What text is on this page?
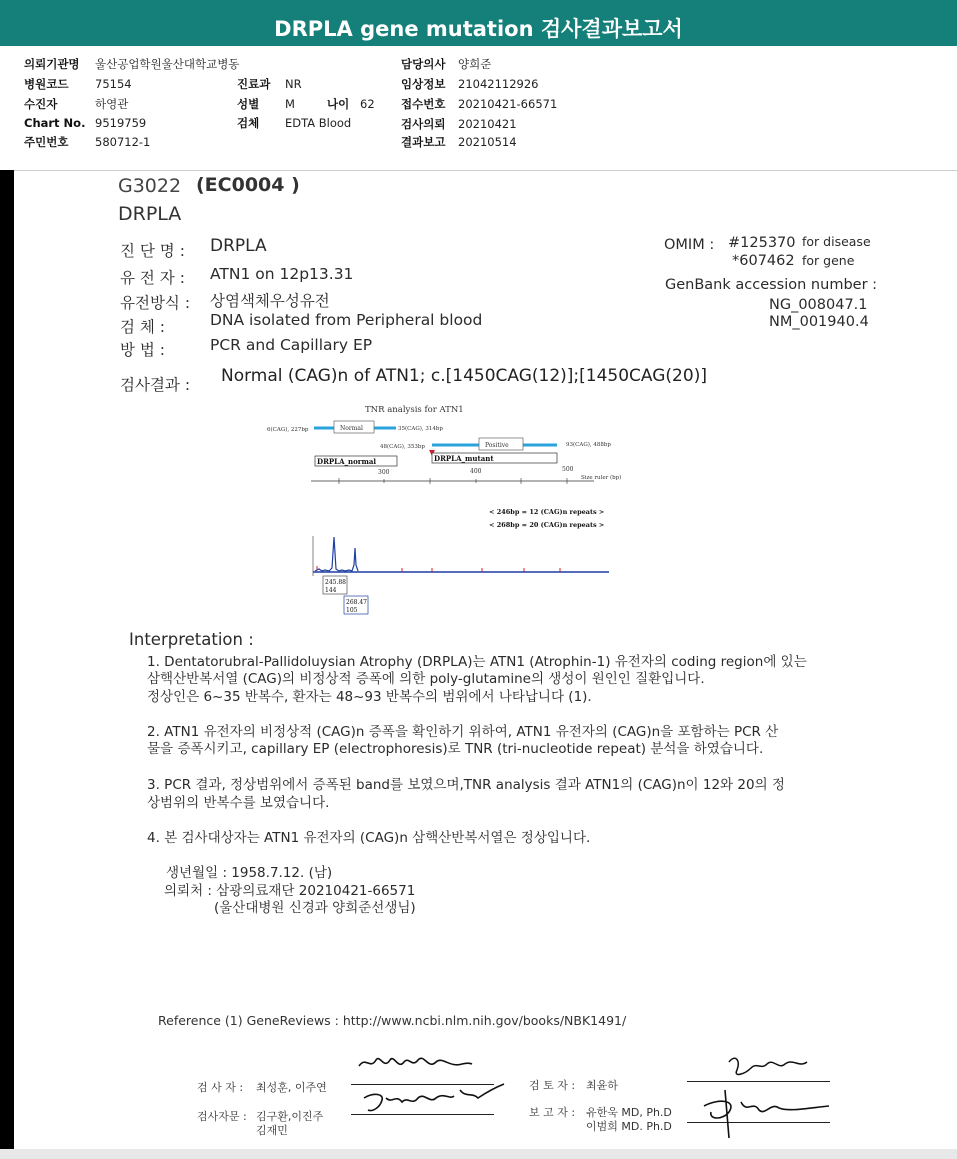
DRPLA gene mutation 검사결과보고서
의뢰기관명 울산공업학원울산대학교병동
병원코드 75154
수진자	하영관
Chart No. 9519759
주민번호 580712-1
진료과 NR
성별 M	나이 62
검체 EDTA Blood
담당의사 양희준
임상정보 21042112926
접수번호 20210421-66571
검사의뢰 20210421
결과보고 20210514
G3022 (EC0004 )
DRPLA
진 단 명 : DRPLA
유 전 자 : ATN1 on 12p13.31
유전방식 : 상염색체우성유전
검 체 :	DNA isolated from Peripheral blood
방 법 :	PCR and Capillary EP
OMIM : #125370 for disease
*607462 for gene
GenBank accession number :
NG_008047.1
NM_001940.4
검사결과 : Normal (CAG)n of ATN1; c.[1450CAG(12)];[1450CAG(20)]
TNR analysis for ATN1
Normal
6(CAG), 227bp	35(CAG), 314bp
Positive
48(CAG), 353bp	93(CAG), 488bp
DRPLA_normal	DRPLA_mutant
300	400	500
Size ruler (bp)
< 246bp = 12 (CAG)n repeats >
< 268bp = 20 (CAG)n repeats >
245.88
144
268.47
105
Interpretation :
1. Dentatorubral-Pallidoluysian Atrophy (DRPLA)는 ATN1 (Atrophin-1) 유전자의 coding region에 있는
삼핵산반복서열 (CAG)의 비정상적 증폭에 의한 poly-glutamine의 생성이 원인인 질환입니다.
정상인은 6~35 반복수, 환자는 48~93 반복수의 범위에서 나타납니다 (1).
2. ATN1 유전자의 비정상적 (CAG)n 증폭을 확인하기 위하여, ATN1 유전자의 (CAG)n을 포함하는 PCR 산
물을 증폭시키고, capillary EP (electrophoresis)로 TNR (tri-nucleotide repeat) 분석을 하였습니다.
3. PCR 결과, 정상범위에서 증폭된 band를 보였으며,TNR analysis 결과 ATN1의 (CAG)n이 12와 20의 정
상범위의 반복수를 보였습니다.
4. 본 검사대상자는 ATN1 유전자의 (CAG)n 삼핵산반복서열은 정상입니다.
생년월일 : 1958.7.12. (남)
의뢰처 : 삼광의료재단 20210421-66571
(울산대병원 신경과 양희준선생님)
Reference (1) GeneReviews : http://www.ncbi.nlm.nih.gov/books/NBK1491/
검 사 자 : 최성훈, 이주연
검사자문 : 김구환,이진주
김재민
검 토 자 : 최윤하
보 고 자 : 유한욱 MD, Ph.D
이범희 MD. Ph.D
